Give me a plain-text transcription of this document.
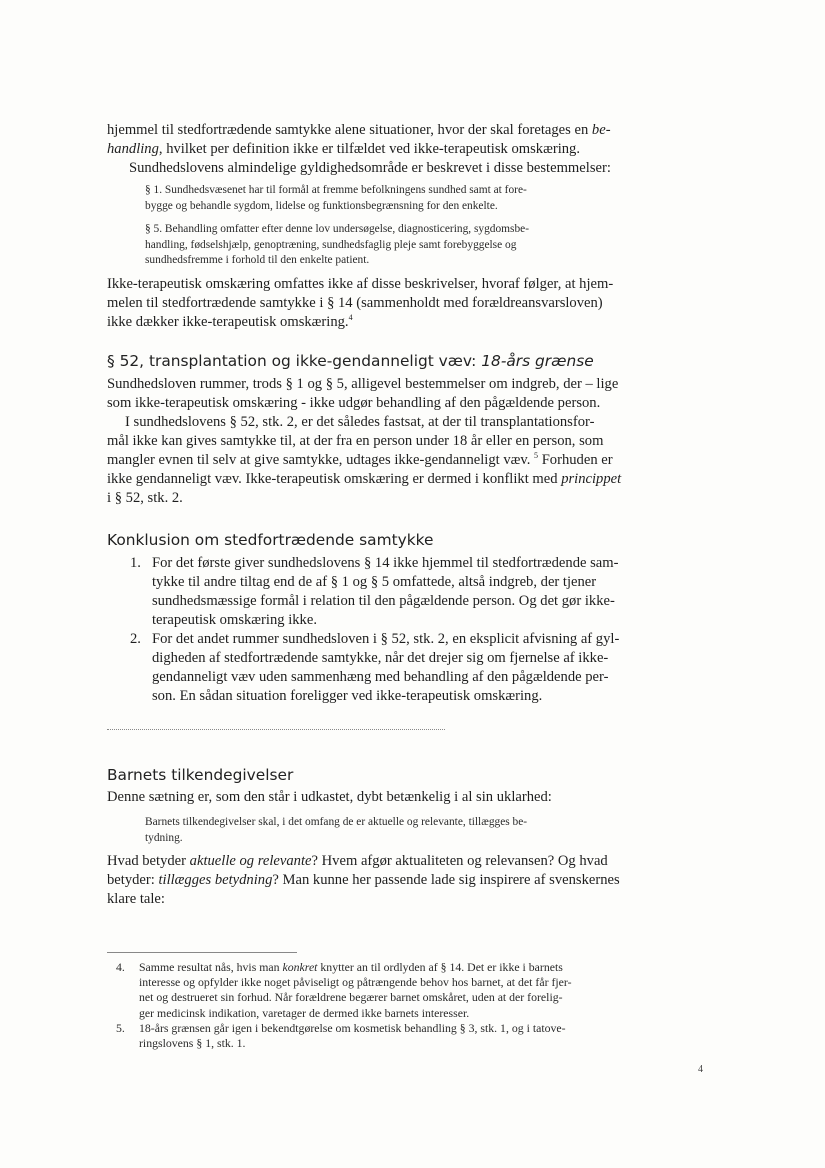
hjemmel til stedfortrædende samtykke alene situationer, hvor der skal foretages en be-
handling, hvilket per definition ikke er tilfældet ved ikke-terapeutisk omskæring.
Sundhedslovens almindelige gyldighedsområde er beskrevet i disse bestemmelser:

§ 1. Sundhedsvæsenet har til formål at fremme befolkningens sundhed samt at fore-
bygge og behandle sygdom, lidelse og funktionsbegrænsning for den enkelte.
§ 5. Behandling omfatter efter denne lov undersøgelse, diagnosticering, sygdomsbe-
handling, fødselshjælp, genoptræning, sundhedsfaglig pleje samt forebyggelse og
sundhedsfremme i forhold til den enkelte patient.

Ikke-terapeutisk omskæring omfattes ikke af disse beskrivelser, hvoraf følger, at hjem-
melen til stedfortrædende samtykke i § 14 (sammenholdt med forældreansvarsloven)
ikke dækker ikke-terapeutisk omskæring.$^4$

§ 52, transplantation og ikke-gendanneligt væv: 18-års grænse

Sundhedsloven rummer, trods § 1 og § 5, alligevel bestemmelser om indgreb, der – lige
som ikke-terapeutisk omskæring - ikke udgør behandling af den pågældende person.
I sundhedslovens § 52, stk. 2, er det således fastsat, at der til transplantationsfor-
mål ikke kan gives samtykke til, at der fra en person under 18 år eller en person, som
mangler evnen til selv at give samtykke, udtages ikke-gendanneligt væv. $^5$ Forhuden er
ikke gendanneligt væv. Ikke-terapeutisk omskæring er dermed i konflikt med princippet
i § 52, stk. 2.

Konklusion om stedfortrædende samtykke
1. For det første giver sundhedslovens § 14 ikke hjemmel til stedfortrædende sam-
tykke til andre tiltag end de af § 1 og § 5 omfattede, altså indgreb, der tjener
sundhedsmæssige formål i relation til den pågældende person. Og det gør ikke-
terapeutisk omskæring ikke.
2. For det andet rummer sundhedsloven i § 52, stk. 2, en eksplicit afvisning af gyl-
digheden af stedfortrædende samtykke, når det drejer sig om fjernelse af ikke-
gendanneligt væv uden sammenhæng med behandling af den pågældende per-
son. En sådan situation foreligger ved ikke-terapeutisk omskæring.
Barnets tilkendegivelser

Denne sætning er, som den står i udkastet, dybt betænkelig i al sin uklarhed:

Barnets tilkendegivelser skal, i det omfang de er aktuelle og relevante, tillægges be-
tydning.

Hvad betyder aktuelle og relevante? Hvem afgør aktualiteten og relevansen? Og hvad
betyder: tillægges betydning? Man kunne her passende lade sig inspirere af svenskernes
klare tale:

4. Samme resultat nås, hvis man konkret knytter an til ordlyden af § 14. Det er ikke i barnets
interesse og opfylder ikke noget påviseligt og påtrængende behov hos barnet, at det får fjer-
net og destrueret sin forhud. Når forældrene begærer barnet omskåret, uden at der forelig-
ger medicinsk indikation, varetager de dermed ikke barnets interesser.
5. 18-års grænsen går igen i bekendtgørelse om kosmetisk behandling § 3, stk. 1, og i tatove-
ringslovens § 1, stk. 1.
4
